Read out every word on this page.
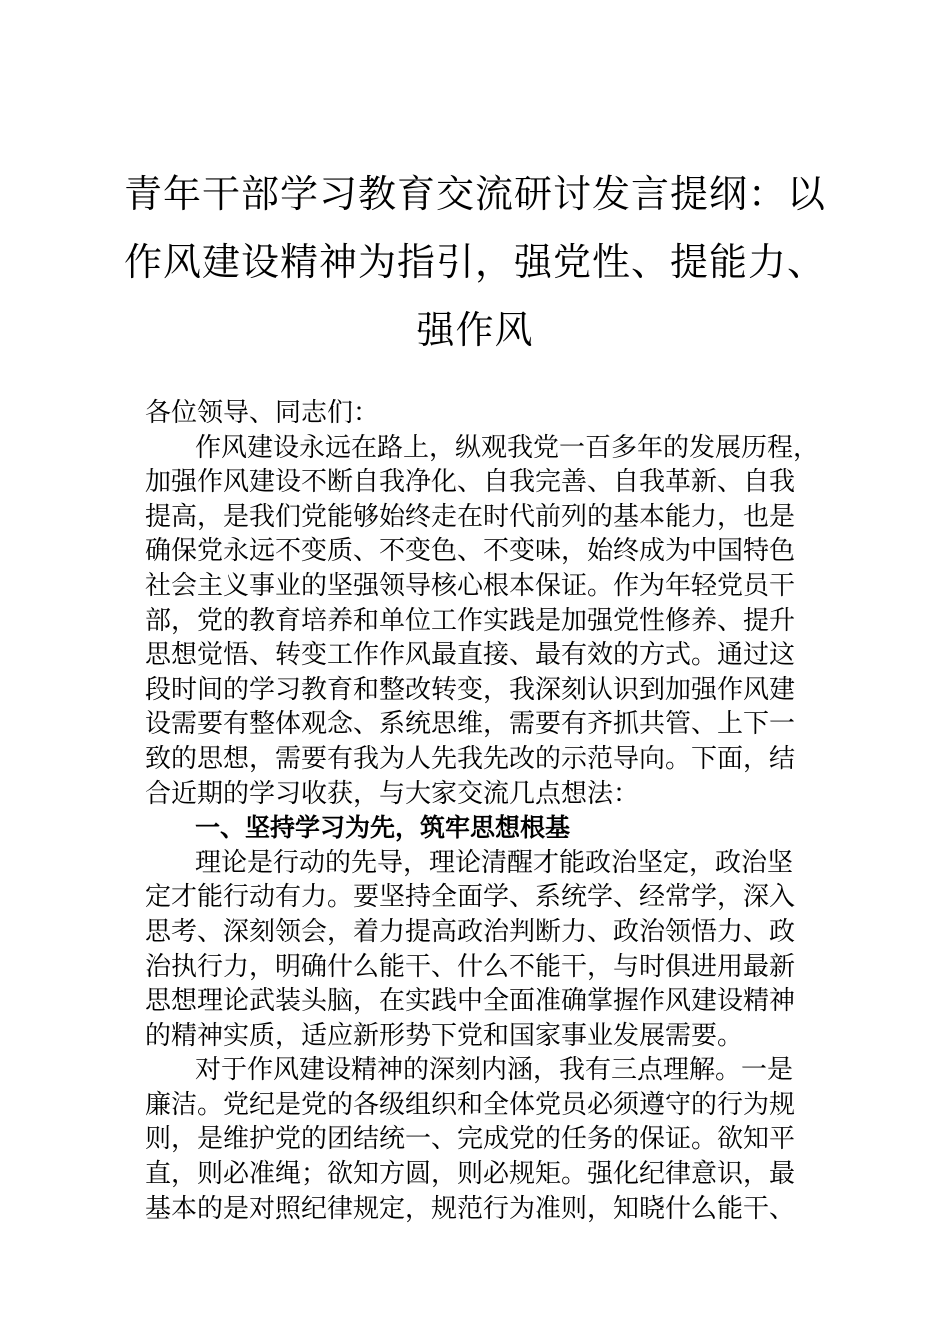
青年干部学习教育交流研讨发言提纲：以
作风建设精神为指引，强党性、提能力、
强作风
各位领导、同志们：
作风建设永远在路上，纵观我党一百多年的发展历程，
加强作风建设不断自我净化、自我完善、自我革新、自我
提高，是我们党能够始终走在时代前列的基本能力，也是
确保党永远不变质、不变色、不变味，始终成为中国特色
社会主义事业的坚强领导核心根本保证。作为年轻党员干
部，党的教育培养和单位工作实践是加强党性修养、提升
思想觉悟、转变工作作风最直接、最有效的方式。通过这
段时间的学习教育和整改转变，我深刻认识到加强作风建
设需要有整体观念、系统思维，需要有齐抓共管、上下一
致的思想，需要有我为人先我先改的示范导向。下面，结
合近期的学习收获，与大家交流几点想法：
一、坚持学习为先，筑牢思想根基
理论是行动的先导，理论清醒才能政治坚定，政治坚
定才能行动有力。要坚持全面学、系统学、经常学，深入
思考、深刻领会，着力提高政治判断力、政治领悟力、政
治执行力，明确什么能干、什么不能干，与时俱进用最新
思想理论武装头脑，在实践中全面准确掌握作风建设精神
的精神实质，适应新形势下党和国家事业发展需要。
对于作风建设精神的深刻内涵，我有三点理解。一是
廉洁。党纪是党的各级组织和全体党员必须遵守的行为规
则，是维护党的团结统一、完成党的任务的保证。欲知平
直，则必准绳；欲知方圆，则必规矩。强化纪律意识，最
基本的是对照纪律规定，规范行为准则，知晓什么能干、
